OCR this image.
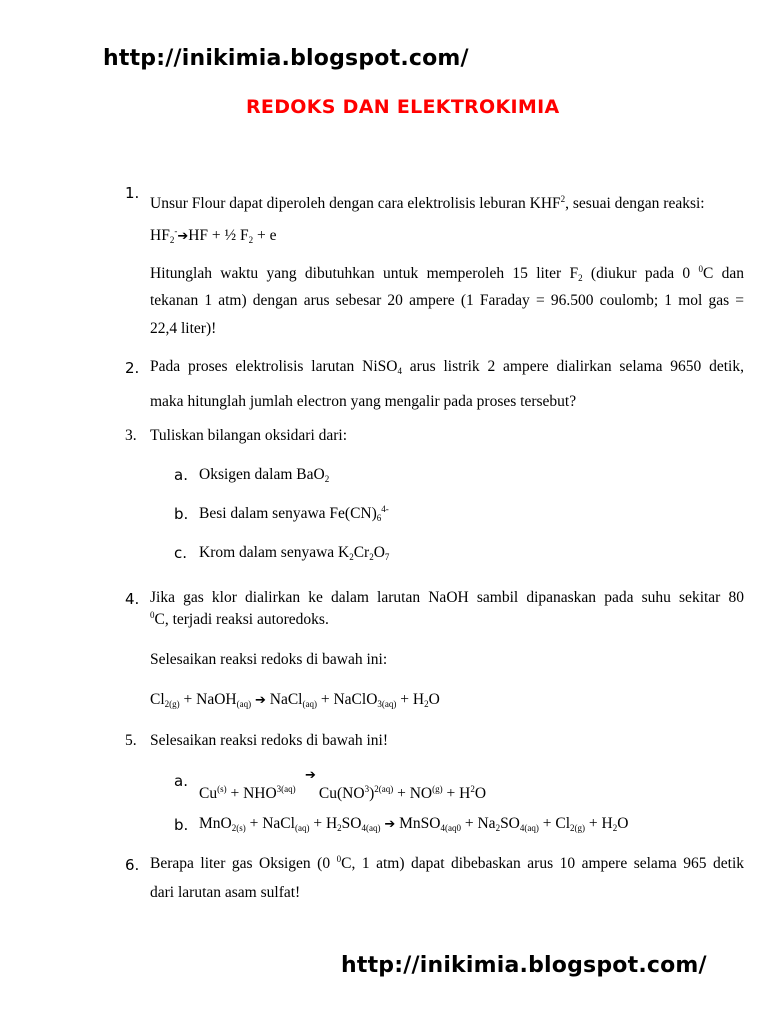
http://inikimia.blogspot.com/
REDOKS DAN ELEKTROKIMIA
1.
Unsur Flour dapat diperoleh dengan cara elektrolisis leburan KHF$^2$, sesuai dengan reaksi:
$HF_2^-➔HF$ + ½ $F_2 + e$
Hitunglah waktu yang dibutuhkan untuk memperoleh 15 liter $F_2$ (diukur pada 0 $^0$C dan
tekanan 1 atm) dengan arus sebesar 20 ampere (1 Faraday = 96.500 coulomb; 1 mol gas =
22,4 liter)!
2. Pada proses elektrolisis larutan NiSO$_4$ arus listrik 2 ampere dialirkan selama 9650 detik,
maka hitunglah jumlah electron yang mengalir pada proses tersebut?
3. Tuliskan bilangan oksidari dari:
a. Oksigen dalam BaO$_2$
b. Besi dalam senyawa $Fe(CN)_6^{4-}$
c. Krom dalam senyawa $K_2Cr_2O_7$
4. Jika gas klor dialirkan ke dalam larutan NaOH sambil dipanaskan pada suhu sekitar 80
$^0$C, terjadi reaksi autoredoks.
Selesaikan reaksi redoks di bawah ini:
$Cl_{2(g)}$ + NaOH$_{(aq)}$ ➔ NaCl$_{(aq)}$ + NaClO$_{3(aq)}$ + $H_2O$
5. Selesaikan reaksi redoks di bawah ini!
a.	➔
$Cu^{(s)} + NHO^{3(aq)}$ $Cu(NO^3)^{2(aq)} + NO^{(g)} + H^2O$
b. MnO$_{2(s)}$ + NaCl$_{(aq)}$ + $H_2SO_{4(aq)}$ ➔ MnSO$_{4(aq0}$ + $Na_2SO_{4(aq)} + Cl_{2(g)} + H_2O$
6. Berapa liter gas Oksigen (0 $^0$C, 1 atm) dapat dibebaskan arus 10 ampere selama 965 detik
dari larutan asam sulfat!
http://inikimia.blogspot.com/
